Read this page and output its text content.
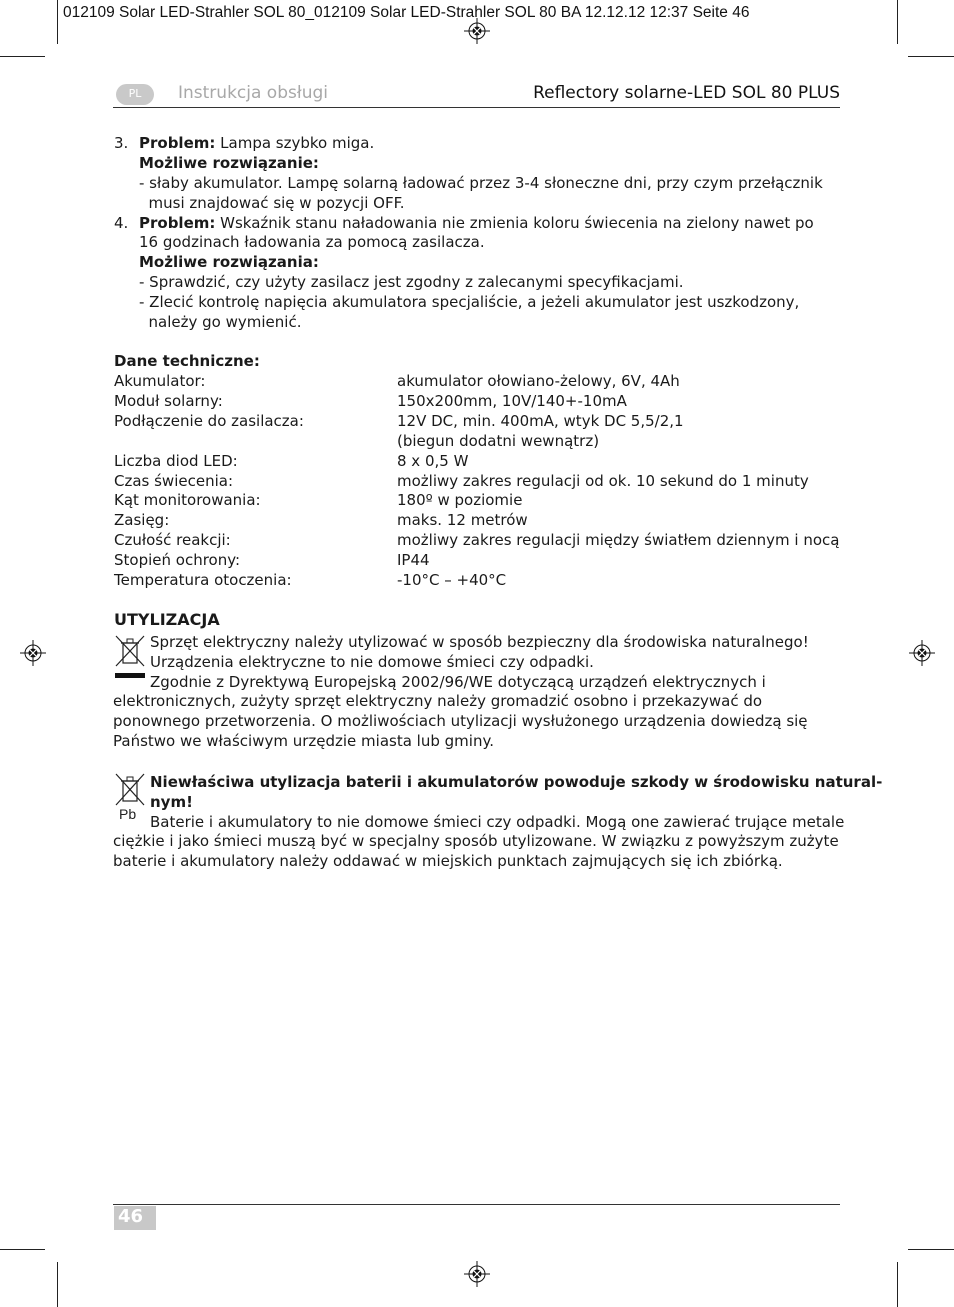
012109 Solar LED-Strahler SOL 80_012109 Solar LED-Strahler SOL 80 BA 12.12.12 12:37 Seite 46
PL	Instrukcja obsługi	Reflectory solarne-LED SOL 80 PLUS
3. Problem: Lampa szybko miga.
Możliwe rozwiązanie:
- słaby akumulator. Lampę solarną ładować przez 3-4 słoneczne dni, przy czym przełącznik
musi znajdować się w pozycji OFF.
4. Problem: Wskaźnik stanu naładowania nie zmienia koloru świecenia na zielony nawet po
16 godzinach ładowania za pomocą zasilacza.
Możliwe rozwiązania:
- Sprawdzić, czy użyty zasilacz jest zgodny z zalecanymi specyfikacjami.
- Zlecić kontrolę napięcia akumulatora specjaliście, a jeżeli akumulator jest uszkodzony,
należy go wymienić.
Dane techniczne:
Akumulator:	akumulator ołowiano-żelowy, 6V, 4Ah
Moduł solarny:	150x200mm, 10V/140+-10mA
Podłączenie do zasilacza:	12V DC, min. 400mA, wtyk DC 5,5/2,1
(biegun dodatni wewnątrz)
Liczba diod LED:	8 x 0,5 W
Czas świecenia:	możliwy zakres regulacji od ok. 10 sekund do 1 minuty
Kąt monitorowania:	180º w poziomie
Zasięg:	maks. 12 metrów
Czułość reakcji:	możliwy zakres regulacji między światłem dziennym i nocą
Stopień ochrony:	IP44
Temperatura otoczenia:	-10°C – +40°C
UTYLIZACJA
Sprzęt elektryczny należy utylizować w sposób bezpieczny dla środowiska naturalnego!
Urządzenia elektryczne to nie domowe śmieci czy odpadki.
Zgodnie z Dyrektywą Europejską 2002/96/WE dotyczącą urządzeń elektrycznych i
elektronicznych, zużyty sprzęt elektryczny należy gromadzić osobno i przekazywać do
ponownego przetworzenia. O możliwościach utylizacji wysłużonego urządzenia dowiedzą się
Państwo we właściwym urzędzie miasta lub gminy.
Pb
Niewłaściwa utylizacja baterii i akumulatorów powoduje szkody w środowisku natural-
nym!
Baterie i akumulatory to nie domowe śmieci czy odpadki. Mogą one zawierać trujące metale
ciężkie i jako śmieci muszą być w specjalny sposób utylizowane. W związku z powyższym zużyte
baterie i akumulatory należy oddawać w miejskich punktach zajmujących się ich zbiórką.
46
